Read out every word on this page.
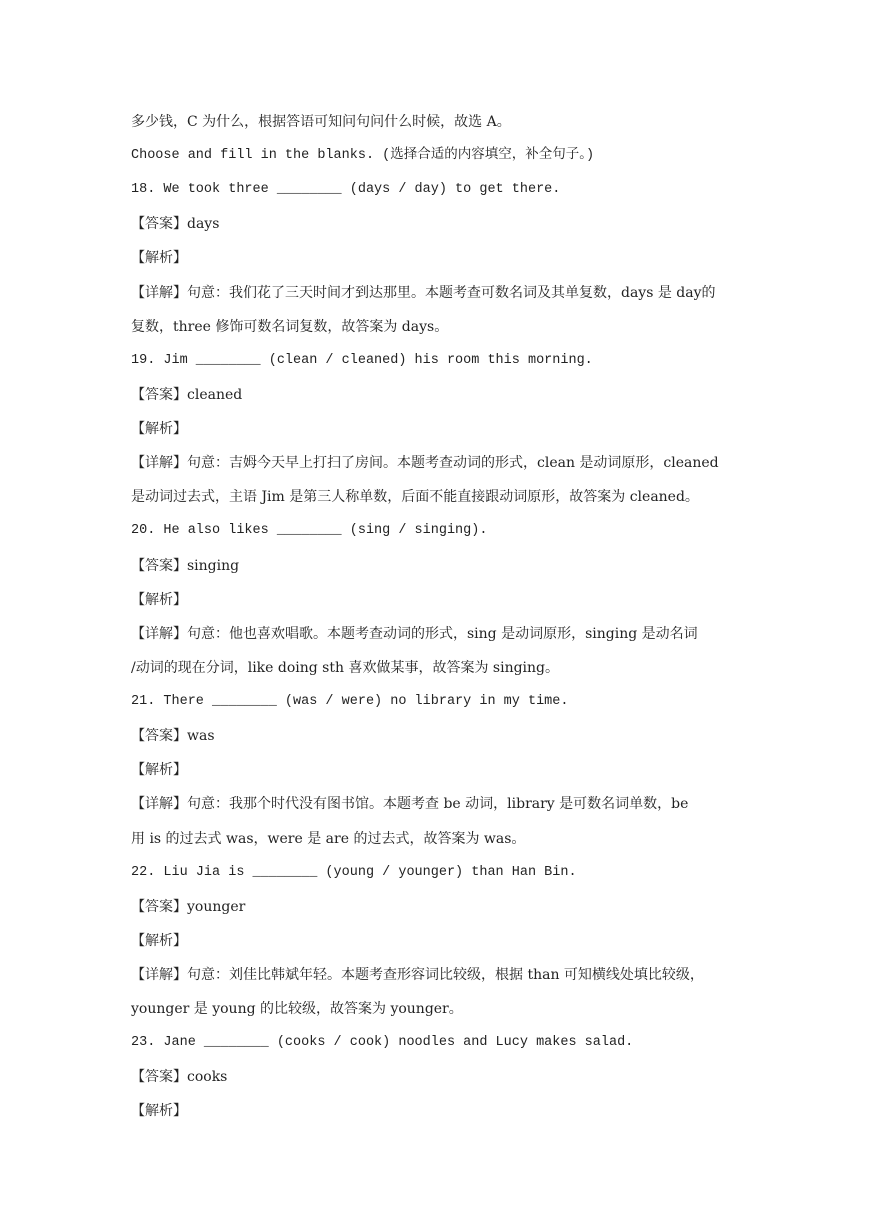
多少钱，C 为什么，根据答语可知问句问什么时候，故选 A。
Choose and fill in the blanks. (选择合适的内容填空，补全句子。)
18. We took three ________ (days / day) to get there.
【答案】days
【解析】
【详解】句意：我们花了三天时间才到达那里。本题考查可数名词及其单复数，days 是 day的
复数，three 修饰可数名词复数，故答案为 days。
19. Jim ________ (clean / cleaned) his room this morning.
【答案】cleaned
【解析】
【详解】句意：吉姆今天早上打扫了房间。本题考查动词的形式，clean 是动词原形，cleaned
是动词过去式，主语 Jim 是第三人称单数，后面不能直接跟动词原形，故答案为 cleaned。
20. He also likes ________ (sing / singing).
【答案】singing
【解析】
【详解】句意：他也喜欢唱歌。本题考查动词的形式，sing 是动词原形，singing 是动名词
/动词的现在分词，like doing sth 喜欢做某事，故答案为 singing。
21. There ________ (was / were) no library in my time.
【答案】was
【解析】
【详解】句意：我那个时代没有图书馆。本题考查 be 动词，library 是可数名词单数，be
用 is 的过去式 was，were 是 are 的过去式，故答案为 was。
22. Liu Jia is ________ (young / younger) than Han Bin.
【答案】younger
【解析】
【详解】句意：刘佳比韩斌年轻。本题考查形容词比较级，根据 than 可知横线处填比较级，
younger 是 young 的比较级，故答案为 younger。
23. Jane ________ (cooks / cook) noodles and Lucy makes salad.
【答案】cooks
【解析】
